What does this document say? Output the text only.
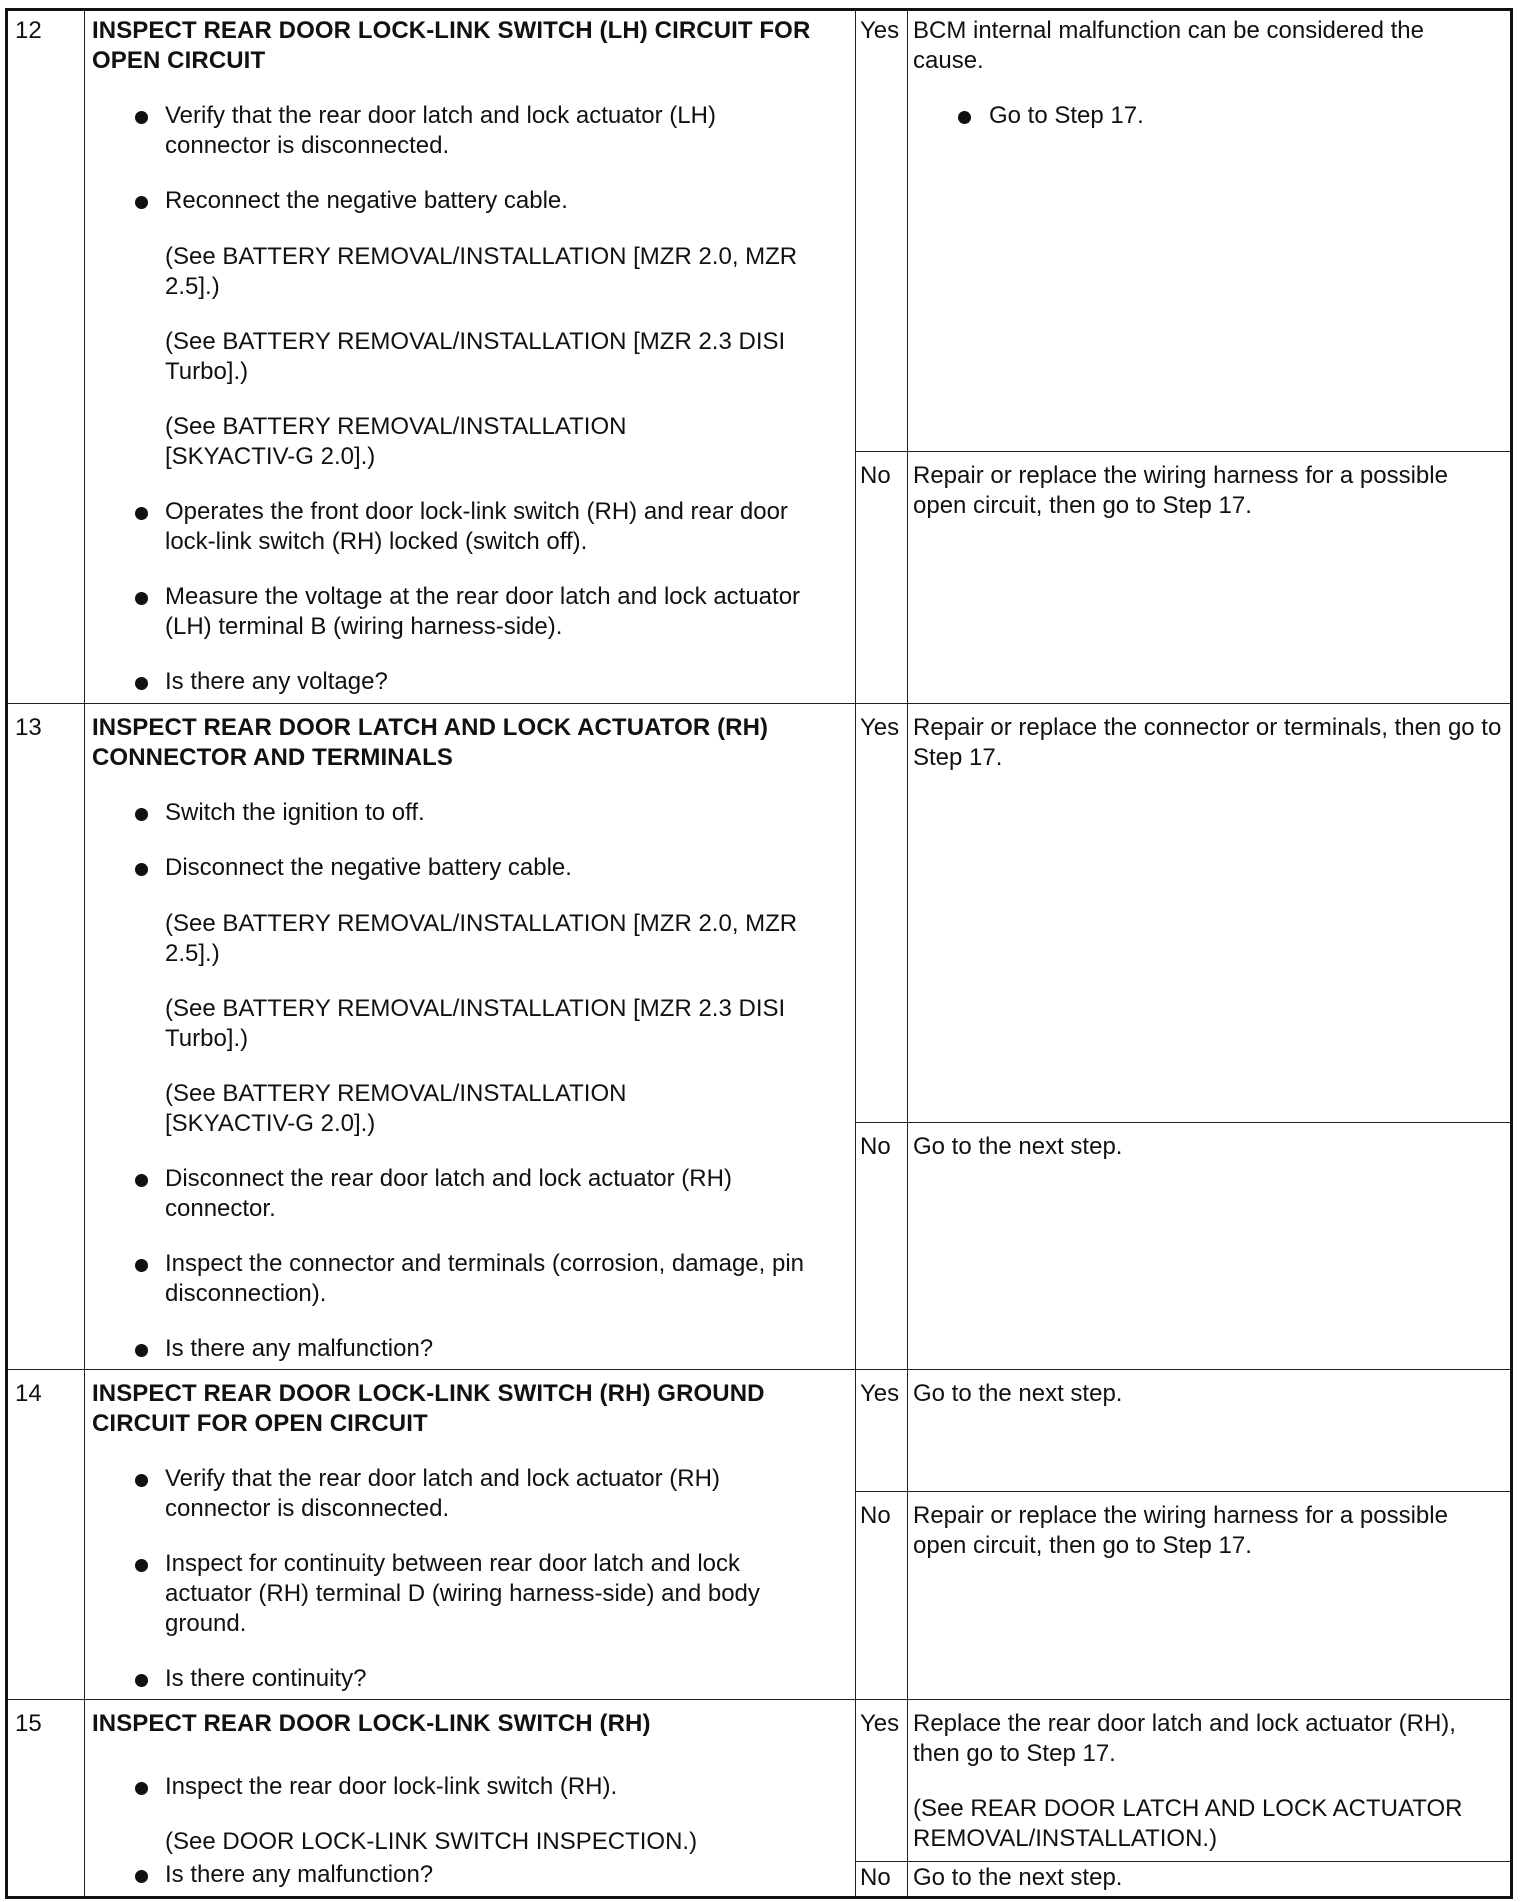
12 INSPECT REAR DOOR LOCK-LINK SWITCH (LH) CIRCUIT FOR OPEN CIRCUIT
Verify that the rear door latch and lock actuator (LH) connector is disconnected.
Reconnect the negative battery cable.
(See BATTERY REMOVAL/INSTALLATION [MZR 2.0, MZR 2.5].)
(See BATTERY REMOVAL/INSTALLATION [MZR 2.3 DISI Turbo].)
(See BATTERY REMOVAL/INSTALLATION [SKYACTIV-G 2.0].)
Operates the front door lock-link switch (RH) and rear door lock-link switch (RH) locked (switch off).
Measure the voltage at the rear door latch and lock actuator (LH) terminal B (wiring harness-side).
Is there any voltage?
Yes BCM internal malfunction can be considered the cause.
Go to Step 17.
No Repair or replace the wiring harness for a possible open circuit, then go to Step 17.
13 INSPECT REAR DOOR LATCH AND LOCK ACTUATOR (RH) CONNECTOR AND TERMINALS
Switch the ignition to off.
Disconnect the negative battery cable.
(See BATTERY REMOVAL/INSTALLATION [MZR 2.0, MZR 2.5].)
(See BATTERY REMOVAL/INSTALLATION [MZR 2.3 DISI Turbo].)
(See BATTERY REMOVAL/INSTALLATION [SKYACTIV-G 2.0].)
Disconnect the rear door latch and lock actuator (RH) connector.
Inspect the connector and terminals (corrosion, damage, pin disconnection).
Is there any malfunction?
Yes Repair or replace the connector or terminals, then go to Step 17.
No Go to the next step.
14 INSPECT REAR DOOR LOCK-LINK SWITCH (RH) GROUND CIRCUIT FOR OPEN CIRCUIT
Verify that the rear door latch and lock actuator (RH) connector is disconnected.
Inspect for continuity between rear door latch and lock actuator (RH) terminal D (wiring harness-side) and body ground.
Is there continuity?
Yes Go to the next step.
No Repair or replace the wiring harness for a possible open circuit, then go to Step 17.
15 INSPECT REAR DOOR LOCK-LINK SWITCH (RH)
Inspect the rear door lock-link switch (RH).
(See DOOR LOCK-LINK SWITCH INSPECTION.)
Is there any malfunction?
Yes Replace the rear door latch and lock actuator (RH), then go to Step 17.
(See REAR DOOR LATCH AND LOCK ACTUATOR REMOVAL/INSTALLATION.)
No Go to the next step.
